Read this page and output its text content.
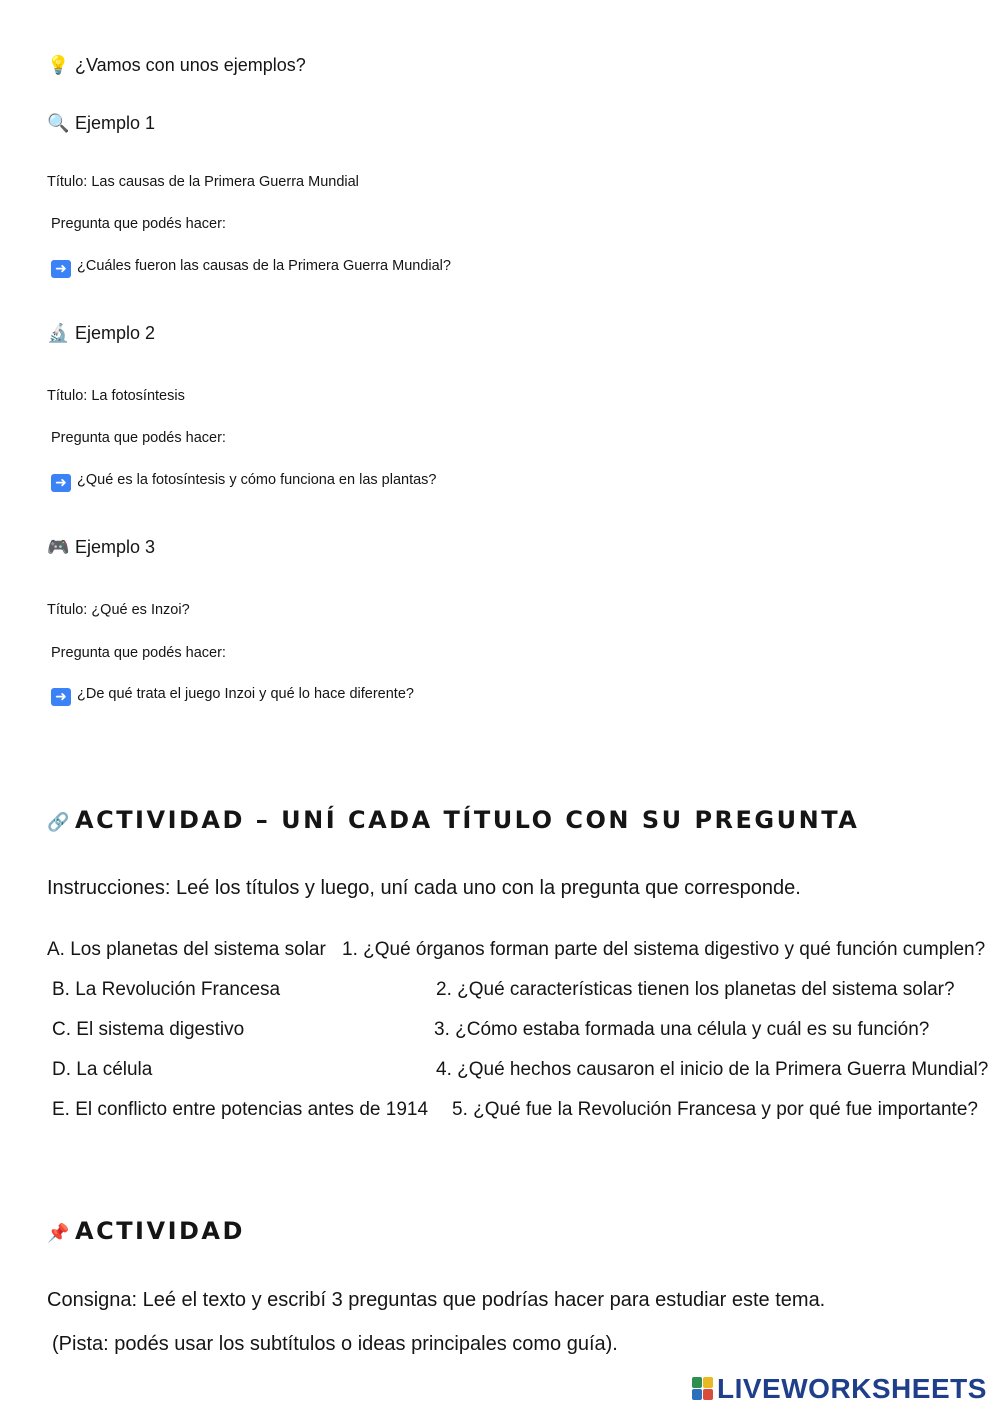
💡 ¿Vamos con unos ejemplos?
🔍 Ejemplo 1
Título: Las causas de la Primera Guerra Mundial
Pregunta que podés hacer:
➜ ¿Cuáles fueron las causas de la Primera Guerra Mundial?
🔬 Ejemplo 2
Título: La fotosíntesis
Pregunta que podés hacer:
➜ ¿Qué es la fotosíntesis y cómo funciona en las plantas?
🎮 Ejemplo 3
Título: ¿Qué es Inzoi?
Pregunta que podés hacer:
➜ ¿De qué trata el juego Inzoi y qué lo hace diferente?
🔗 ACTIVIDAD – UNÍ CADA TÍTULO CON SU PREGUNTA
Instrucciones: Leé los títulos y luego, uní cada uno con la pregunta que corresponde.
A. Los planetas del sistema solar
B. La Revolución Francesa
C. El sistema digestivo
D. La célula
E. El conflicto entre potencias antes de 1914
1. ¿Qué órganos forman parte del sistema digestivo y qué función cumplen?
2. ¿Qué características tienen los planetas del sistema solar?
3. ¿Cómo estaba formada una célula y cuál es su función?
4. ¿Qué hechos causaron el inicio de la Primera Guerra Mundial?
5. ¿Qué fue la Revolución Francesa y por qué fue importante?
📌 ACTIVIDAD
Consigna: Leé el texto y escribí 3 preguntas que podrías hacer para estudiar este tema.
(Pista: podés usar los subtítulos o ideas principales como guía).
LIVEWORKSHEETS
